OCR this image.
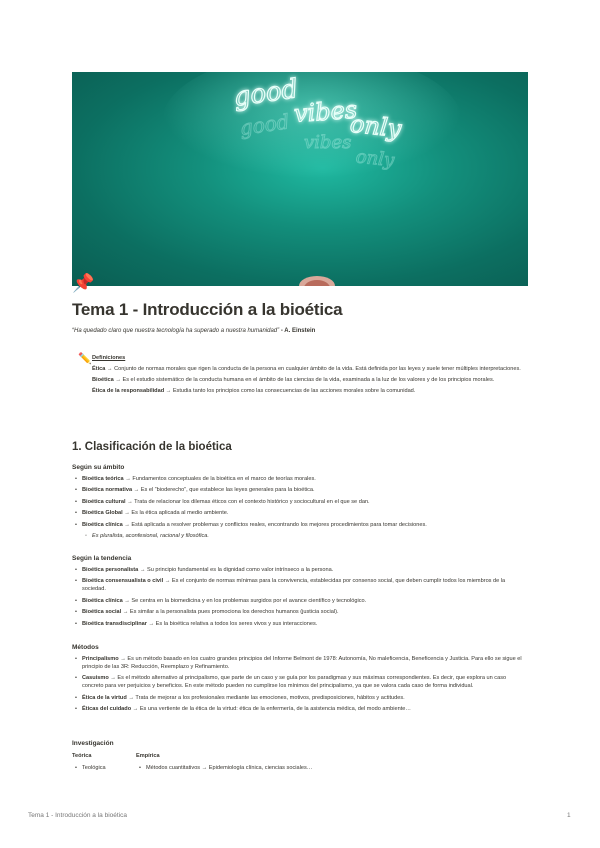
good
vibes
only
good
vibes
only
📌
Tema 1 - Introducción a la bioética
“Ha quedado claro que nuestra tecnología ha superado a nuestra humanidad” - A. Einstein
✏️ Definiciones

Ética → Conjunto de normas morales que rigen la conducta de la persona en cualquier ámbito de la vida. Está definida por las leyes y suele tener múltiples interpretaciones.

Bioética → Es el estudio sistemático de la conducta humana en el ámbito de las ciencias de la vida, examinada a la luz de los valores y de los principios morales.

Ética de la responsabilidad → Estudia tanto los principios como las consecuencias de las acciones morales sobre la comunidad.

1. Clasificación de la bioética
Según su ámbito
• Bioética teórica → Fundamentos conceptuales de la bioética en el marco de teorías morales.
• Bioética normativa → Es el “bioderecho”, que establece las leyes generales para la bioética.
• Bioética cultural → Trata de relacionar los dilemas éticos con el contexto histórico y sociocultural en el que se dan.
• Bioética Global → Es la ética aplicada al medio ambiente.
• Bioética clínica → Está aplicada a resolver problemas y conflictos reales, encontrando los mejores procedimientos para tomar decisiones.
◦ Es pluralista, aconfesional, racional y filosófica.
Según la tendencia
• Bioética personalista → Su principio fundamental es la dignidad como valor intrínseco a la persona.
• Bioética consensualista o civil → Es el conjunto de normas mínimas para la convivencia, establecidas por consenso social, que deben cumplir todos los miembros de la sociedad.
• Bioética clínica → Se centra en la biomedicina y en los problemas surgidos por el avance científico y tecnológico.
• Bioética social → Es similar a la personalista pues promociona los derechos humanos (justicia social).
• Bioética transdisciplinar → Es la bioética relativa a todos los seres vivos y sus interacciones.
Métodos
• Principalismo → Es un método basado en los cuatro grandes principios del Informe Belmont de 1978: Autonomía, No maleficencia, Beneficencia y Justicia. Para ello se sigue el principio de las 3R: Reducción, Reemplazo y Refinamiento.
• Casuismo → Es el método alternativo al principalismo, que parte de un caso y se guía por los paradigmas y sus máximas correspondientes. Es decir, que explora un caso concreto para ver perjuicios y beneficios. En este método pueden no cumplirse los mínimos del principalismo, ya que se valora cada caso de forma individual.
• Ética de la virtud → Trata de mejorar a los profesionales mediante las emociones, motivos, predisposiciones, hábitos y actitudes.
• Éticas del cuidado → Es una vertiente de la ética de la virtud: ética de la enfermería, de la asistencia médica, del modo ambiente…
Investigación
Teórica
• Teológica
Empírica
• Métodos cuantitativos → Epidemiología clínica, ciencias sociales…
Tema 1 - Introducción a la bioética	1
